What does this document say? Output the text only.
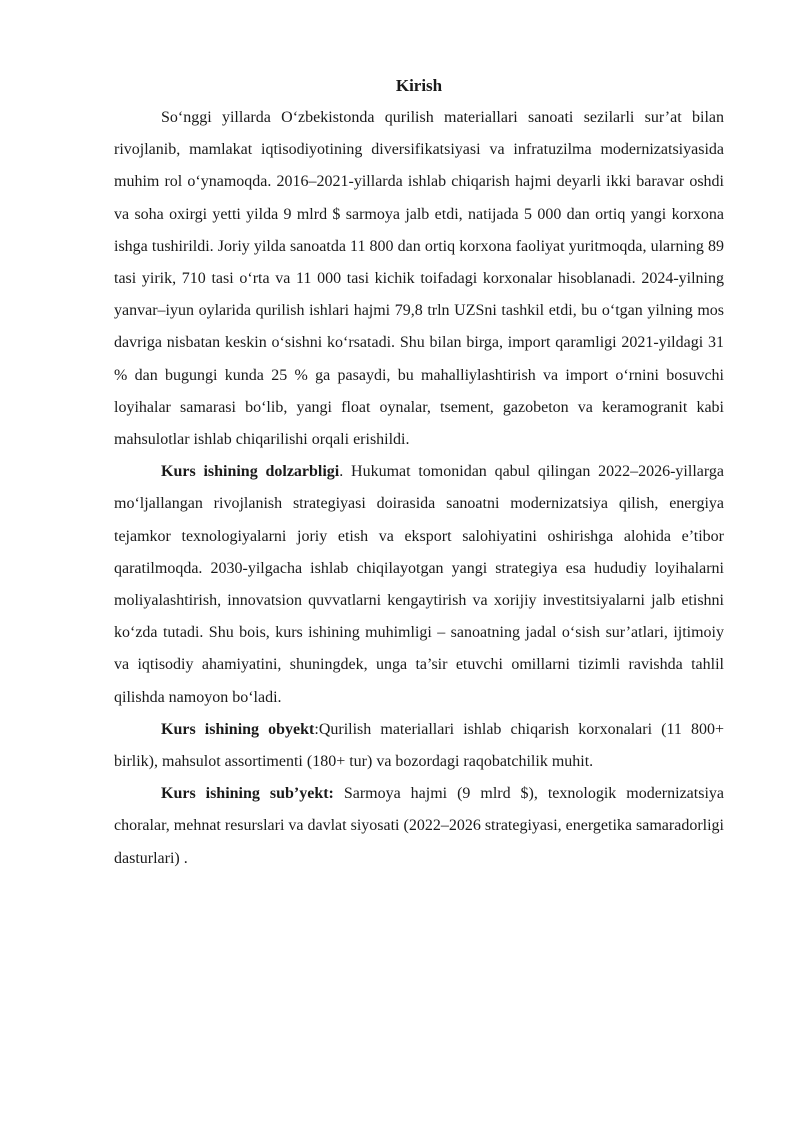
Kirish

So‘nggi yillarda O‘zbekistonda qurilish materiallari sanoati sezilarli sur’at bilan rivojlanib, mamlakat iqtisodiyotining diversifikatsiyasi va infratuzilma modernizatsiyasida muhim rol o‘ynamoqda. 2016–2021-yillarda ishlab chiqarish hajmi deyarli ikki baravar oshdi va soha oxirgi yetti yilda 9 mlrd $ sarmoya jalb etdi, natijada 5 000 dan ortiq yangi korxona ishga tushirildi. Joriy yilda sanoatda 11 800 dan ortiq korxona faoliyat yuritmoqda, ularning 89 tasi yirik, 710 tasi o‘rta va 11 000 tasi kichik toifadagi korxonalar hisoblanadi. 2024-yilning yanvar–iyun oylarida qurilish ishlari hajmi 79,8 trln UZSni tashkil etdi, bu o‘tgan yilning mos davriga nisbatan keskin o‘sishni ko‘rsatadi. Shu bilan birga, import qaramligi 2021-yildagi 31 % dan bugungi kunda 25 % ga pasaydi, bu mahalliylashtirish va import o‘rnini bosuvchi loyihalar samarasi bo‘lib, yangi float oynalar, tsement, gazobeton va keramogranit kabi mahsulotlar ishlab chiqarilishi orqali erishildi.

Kurs ishining dolzarbligi. Hukumat tomonidan qabul qilingan 2022–2026-yillarga mo‘ljallangan rivojlanish strategiyasi doirasida sanoatni modernizatsiya qilish, energiya tejamkor texnologiyalarni joriy etish va eksport salohiyatini oshirishga alohida e’tibor qaratilmoqda. 2030-yilgacha ishlab chiqilayotgan yangi strategiya esa hududiy loyihalarni moliyalashtirish, innovatsion quvvatlarni kengaytirish va xorijiy investitsiyalarni jalb etishni ko‘zda tutadi. Shu bois, kurs ishining muhimligi – sanoatning jadal o‘sish sur’atlari, ijtimoiy va iqtisodiy ahamiyatini, shuningdek, unga ta’sir etuvchi omillarni tizimli ravishda tahlil qilishda namoyon bo‘ladi.

Kurs ishining obyekt:Qurilish materiallari ishlab chiqarish korxonalari (11 800+ birlik), mahsulot assortimenti (180+ tur) va bozordagi raqobatchilik muhit.

Kurs ishining sub’yekt: Sarmoya hajmi (9 mlrd $), texnologik modernizatsiya choralar, mehnat resurslari va davlat siyosati (2022–2026 strategiyasi, energetika samaradorligi dasturlari) .
